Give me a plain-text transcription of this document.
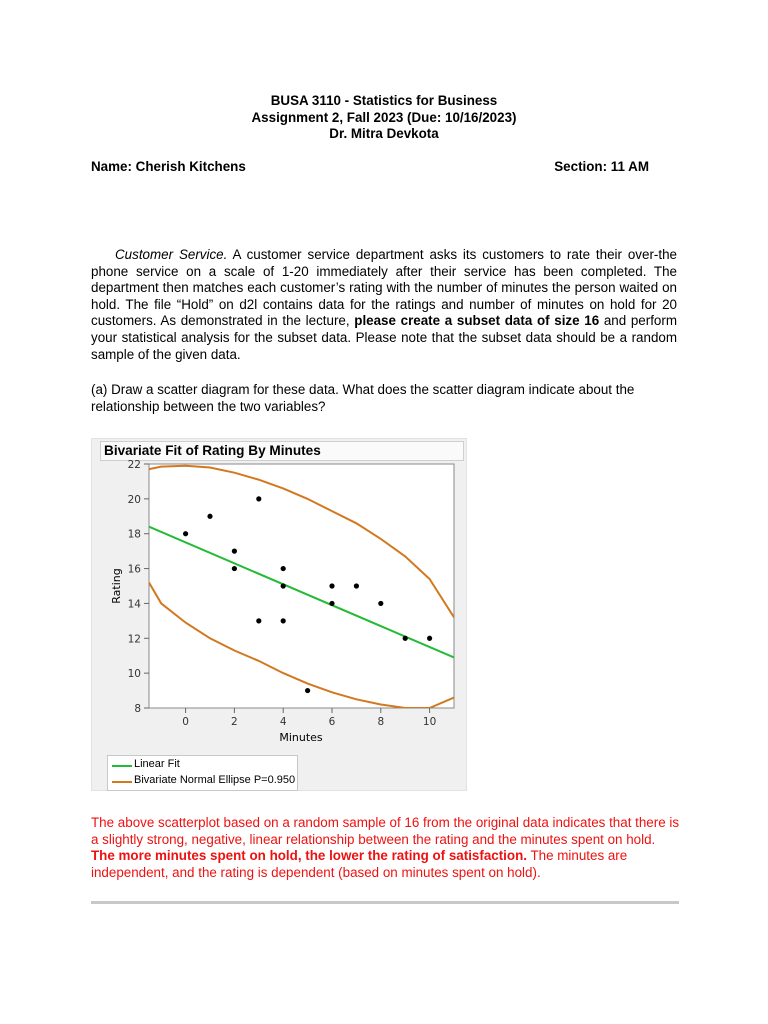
BUSA 3110 - Statistics for Business
Assignment 2, Fall 2023 (Due: 10/16/2023)
Dr. Mitra Devkota
Name: Cherish Kitchens	Section: 11 AM
Customer Service. A customer service department asks its customers to rate their over-the phone service on a scale of 1-20 immediately after their service has been completed. The department then matches each customer’s rating with the number of minutes the person waited on hold. The file “Hold” on d2l contains data for the ratings and number of minutes on hold for 20 customers. As demonstrated in the lecture, please create a subset data of size 16 and perform your statistical analysis for the subset data. Please note that the subset data should be a random sample of the given data.
(a) Draw a scatter diagram for these data. What does the scatter diagram indicate about the relationship between the two variables?
Bivariate Fit of Rating By Minutes
8
10
12
14
16
18
20
22
0	2	4	6	8	10
Minutes
Rating
Linear Fit
Bivariate Normal Ellipse P=0.950
The above scatterplot based on a random sample of 16 from the original data indicates that there is a slightly strong, negative, linear relationship between the rating and the minutes spent on hold. The more minutes spent on hold, the lower the rating of satisfaction. The minutes are independent, and the rating is dependent (based on minutes spent on hold).
